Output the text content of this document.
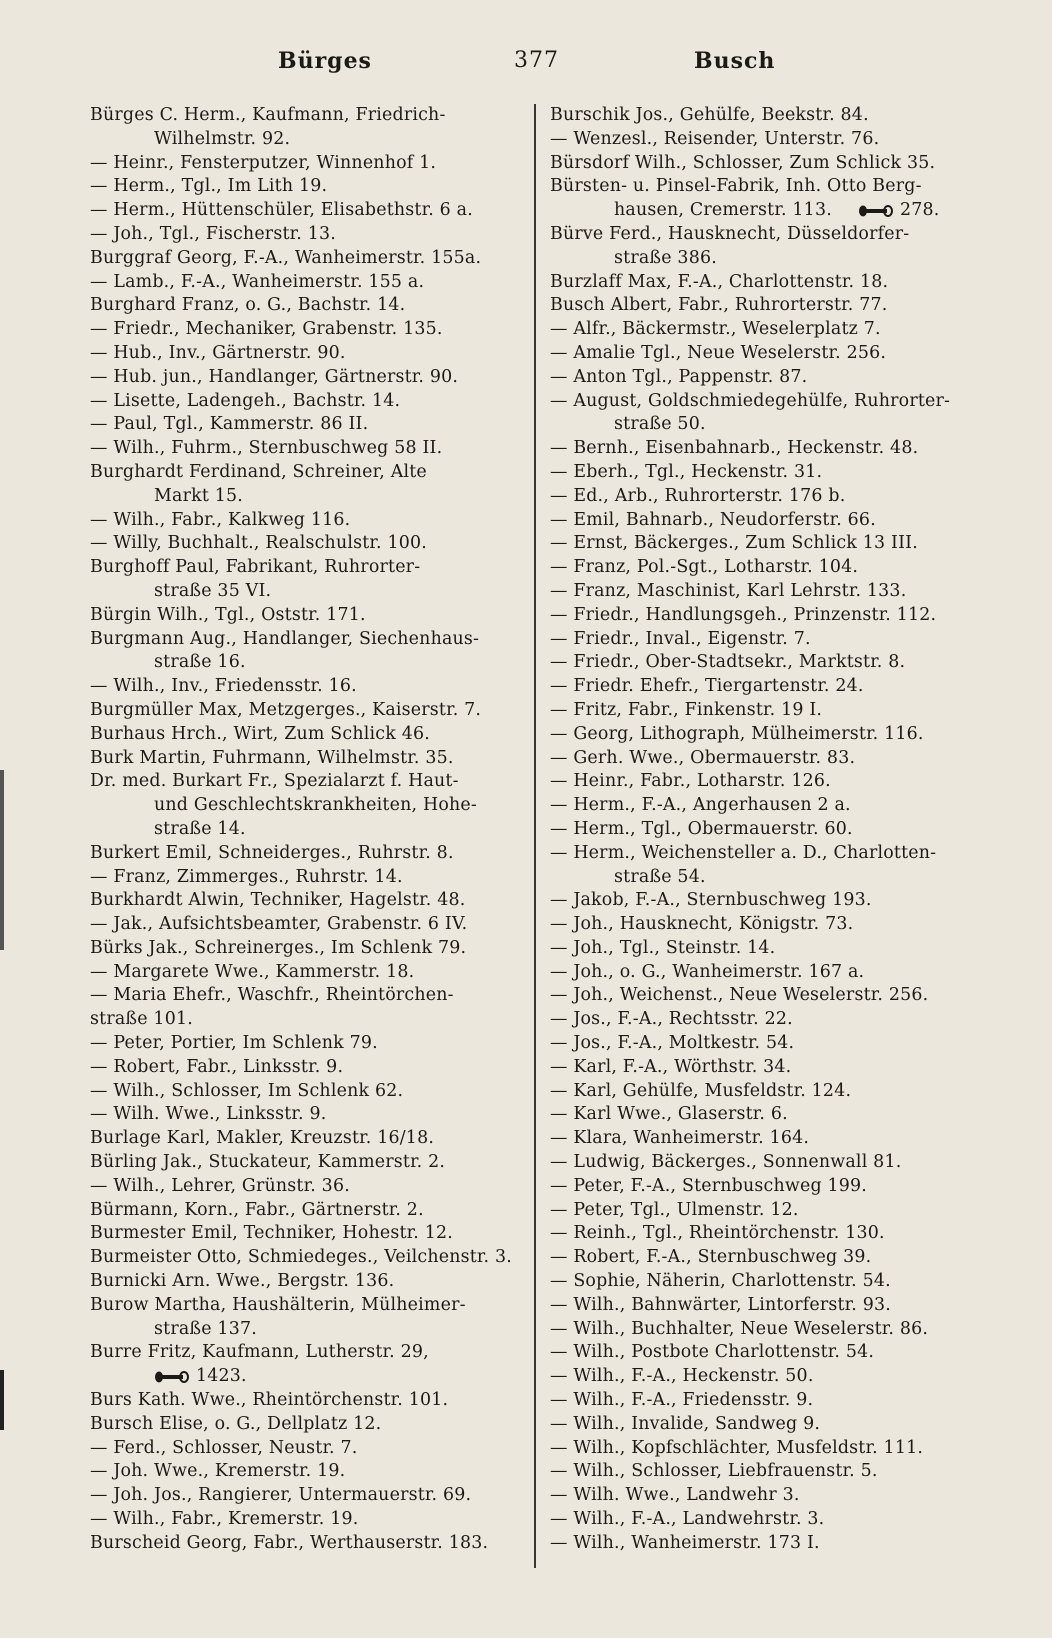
Bürges	377	Busch
Bürges C. Herm., Kaufmann, Friedrich-
Wilhelmstr. 92.
— Heinr., Fensterputzer, Winnenhof 1.
— Herm., Tgl., Im Lith 19.
— Herm., Hüttenschüler, Elisabethstr. 6 a.
— Joh., Tgl., Fischerstr. 13.
Burggraf Georg, F.-A., Wanheimerstr. 155a.
— Lamb., F.-A., Wanheimerstr. 155 a.
Burghard Franz, o. G., Bachstr. 14.
— Friedr., Mechaniker, Grabenstr. 135.
— Hub., Inv., Gärtnerstr. 90.
— Hub. jun., Handlanger, Gärtnerstr. 90.
— Lisette, Ladengeh., Bachstr. 14.
— Paul, Tgl., Kammerstr. 86 II.
— Wilh., Fuhrm., Sternbuschweg 58 II.
Burghardt Ferdinand, Schreiner, Alte
Markt 15.
— Wilh., Fabr., Kalkweg 116.
— Willy, Buchhalt., Realschulstr. 100.
Burghoff Paul, Fabrikant, Ruhrorter-
straße 35 VI.
Bürgin Wilh., Tgl., Oststr. 171.
Burgmann Aug., Handlanger, Siechenhaus-
straße 16.
— Wilh., Inv., Friedensstr. 16.
Burgmüller Max, Metzgerges., Kaiserstr. 7.
Burhaus Hrch., Wirt, Zum Schlick 46.
Burk Martin, Fuhrmann, Wilhelmstr. 35.
Dr. med. Burkart Fr., Spezialarzt f. Haut-
und Geschlechtskrankheiten, Hohe-
straße 14.
Burkert Emil, Schneiderges., Ruhrstr. 8.
— Franz, Zimmerges., Ruhrstr. 14.
Burkhardt Alwin, Techniker, Hagelstr. 48.
— Jak., Aufsichtsbeamter, Grabenstr. 6 IV.
Bürks Jak., Schreinerges., Im Schlenk 79.
— Margarete Wwe., Kammerstr. 18.
— Maria Ehefr., Waschfr., Rheintörchen-
straße 101.
— Peter, Portier, Im Schlenk 79.
— Robert, Fabr., Linksstr. 9.
— Wilh., Schlosser, Im Schlenk 62.
— Wilh. Wwe., Linksstr. 9.
Burlage Karl, Makler, Kreuzstr. 16/18.
Bürling Jak., Stuckateur, Kammerstr. 2.
— Wilh., Lehrer, Grünstr. 36.
Bürmann, Korn., Fabr., Gärtnerstr. 2.
Burmester Emil, Techniker, Hohestr. 12.
Burmeister Otto, Schmiedeges., Veilchenstr. 3.
Burnicki Arn. Wwe., Bergstr. 136.
Burow Martha, Haushälterin, Mülheimer-
straße 137.
Burre Fritz, Kaufmann, Lutherstr. 29,
1423.
Burs Kath. Wwe., Rheintörchenstr. 101.
Bursch Elise, o. G., Dellplatz 12.
— Ferd., Schlosser, Neustr. 7.
— Joh. Wwe., Kremerstr. 19.
— Joh. Jos., Rangierer, Untermauerstr. 69.
— Wilh., Fabr., Kremerstr. 19.
Burscheid Georg, Fabr., Werthauserstr. 183.
Burschik Jos., Gehülfe, Beekstr. 84.
— Wenzesl., Reisender, Unterstr. 76.
Bürsdorf Wilh., Schlosser, Zum Schlick 35.
Bürsten- u. Pinsel-Fabrik, Inh. Otto Berg-
hausen, Cremerstr. 113.	278.
Bürve Ferd., Hausknecht, Düsseldorfer-
straße 386.
Burzlaff Max, F.-A., Charlottenstr. 18.
Busch Albert, Fabr., Ruhrorterstr. 77.
— Alfr., Bäckermstr., Weselerplatz 7.
— Amalie Tgl., Neue Weselerstr. 256.
— Anton Tgl., Pappenstr. 87.
— August, Goldschmiedegehülfe, Ruhrorter-
straße 50.
— Bernh., Eisenbahnarb., Heckenstr. 48.
— Eberh., Tgl., Heckenstr. 31.
— Ed., Arb., Ruhrorterstr. 176 b.
— Emil, Bahnarb., Neudorferstr. 66.
— Ernst, Bäckerges., Zum Schlick 13 III.
— Franz, Pol.-Sgt., Lotharstr. 104.
— Franz, Maschinist, Karl Lehrstr. 133.
— Friedr., Handlungsgeh., Prinzenstr. 112.
— Friedr., Inval., Eigenstr. 7.
— Friedr., Ober-Stadtsekr., Marktstr. 8.
— Friedr. Ehefr., Tiergartenstr. 24.
— Fritz, Fabr., Finkenstr. 19 I.
— Georg, Lithograph, Mülheimerstr. 116.
— Gerh. Wwe., Obermauerstr. 83.
— Heinr., Fabr., Lotharstr. 126.
— Herm., F.-A., Angerhausen 2 a.
— Herm., Tgl., Obermauerstr. 60.
— Herm., Weichensteller a. D., Charlotten-
straße 54.
— Jakob, F.-A., Sternbuschweg 193.
— Joh., Hausknecht, Königstr. 73.
— Joh., Tgl., Steinstr. 14.
— Joh., o. G., Wanheimerstr. 167 a.
— Joh., Weichenst., Neue Weselerstr. 256.
— Jos., F.-A., Rechtsstr. 22.
— Jos., F.-A., Moltkestr. 54.
— Karl, F.-A., Wörthstr. 34.
— Karl, Gehülfe, Musfeldstr. 124.
— Karl Wwe., Glaserstr. 6.
— Klara, Wanheimerstr. 164.
— Ludwig, Bäckerges., Sonnenwall 81.
— Peter, F.-A., Sternbuschweg 199.
— Peter, Tgl., Ulmenstr. 12.
— Reinh., Tgl., Rheintörchenstr. 130.
— Robert, F.-A., Sternbuschweg 39.
— Sophie, Näherin, Charlottenstr. 54.
— Wilh., Bahnwärter, Lintorferstr. 93.
— Wilh., Buchhalter, Neue Weselerstr. 86.
— Wilh., Postbote Charlottenstr. 54.
— Wilh., F.-A., Heckenstr. 50.
— Wilh., F.-A., Friedensstr. 9.
— Wilh., Invalide, Sandweg 9.
— Wilh., Kopfschlächter, Musfeldstr. 111.
— Wilh., Schlosser, Liebfrauenstr. 5.
— Wilh. Wwe., Landwehr 3.
— Wilh., F.-A., Landwehrstr. 3.
— Wilh., Wanheimerstr. 173 I.
